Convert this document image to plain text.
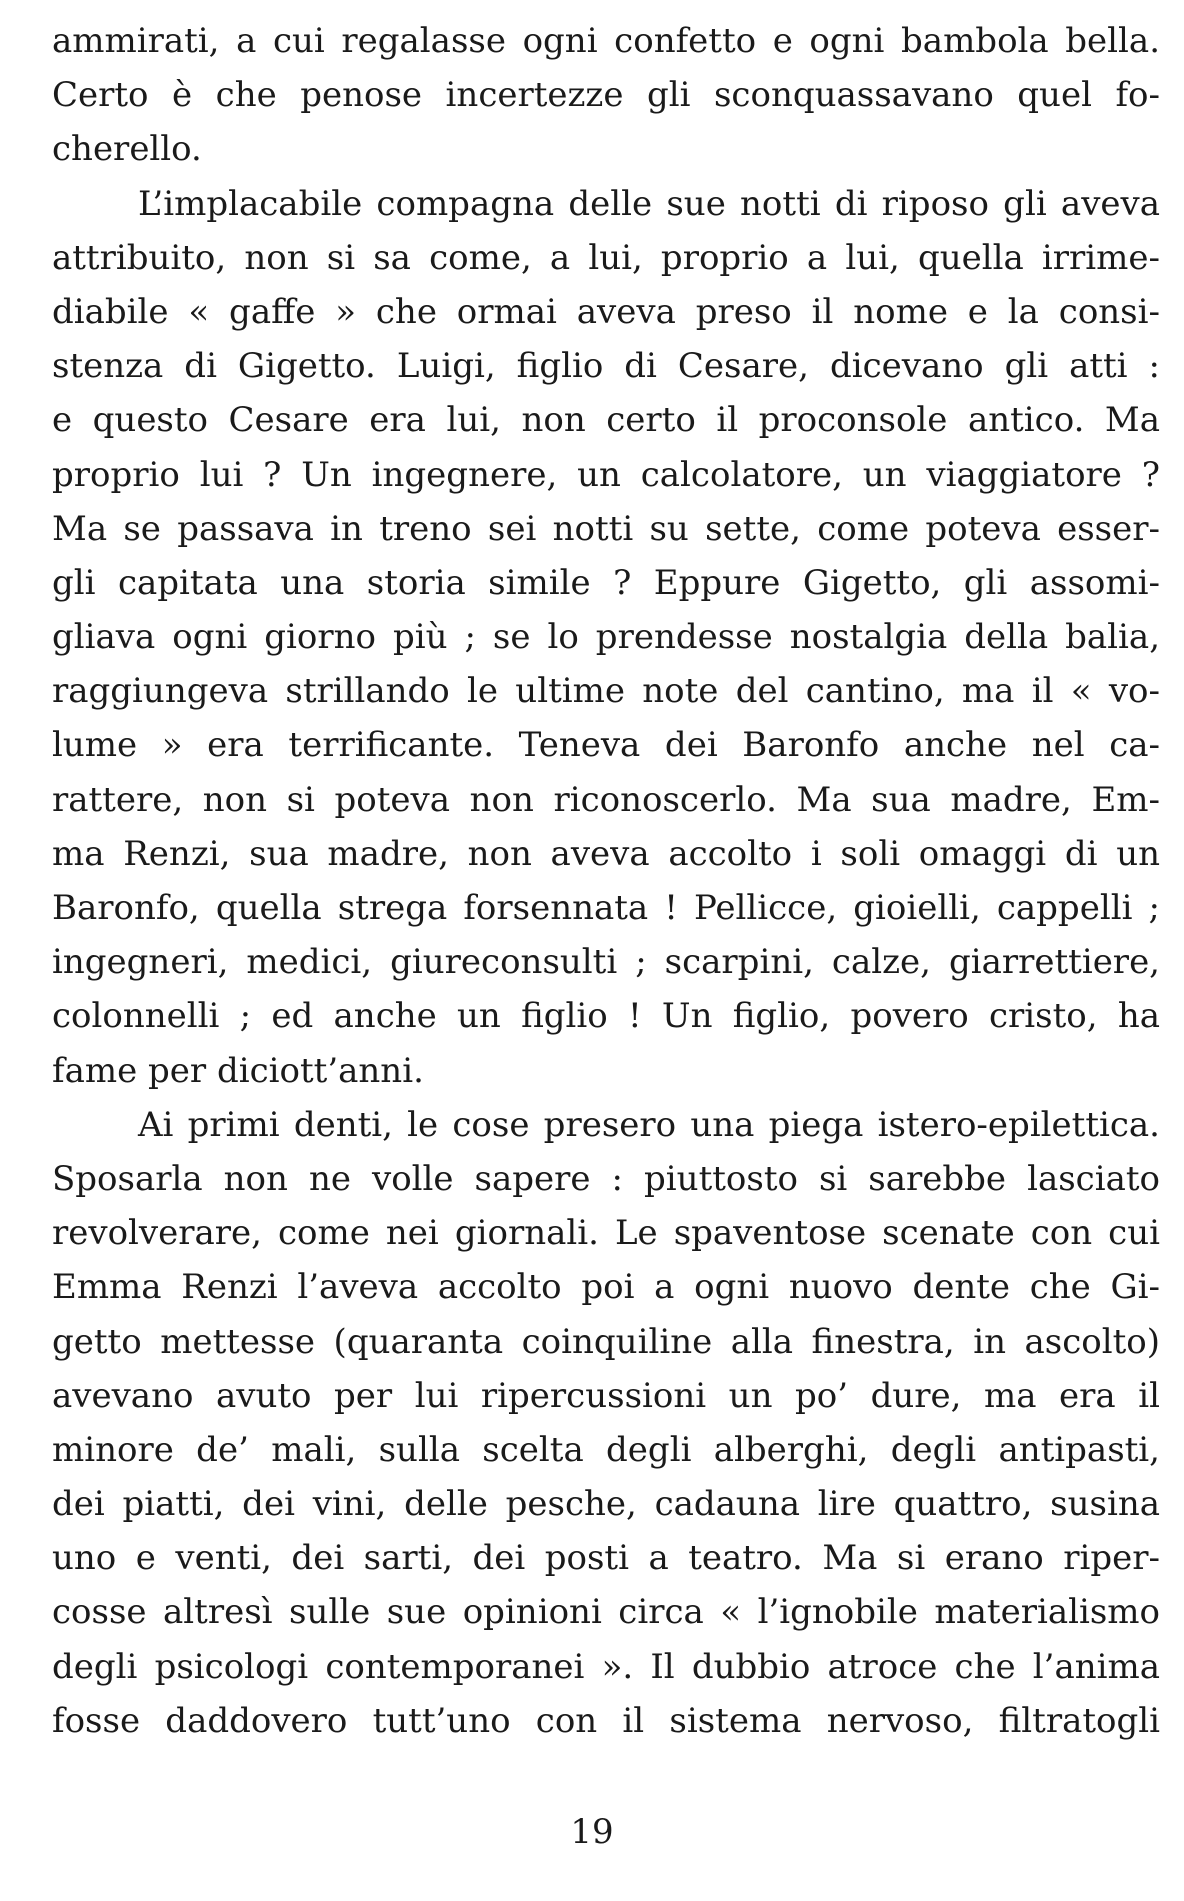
ammirati, a cui regalasse ogni confetto e ogni bambola bella.
Certo è che penose incertezze gli sconquassavano quel fo-
cherello.
L’implacabile compagna delle sue notti di riposo gli aveva
attribuito, non si sa come, a lui, proprio a lui, quella irrime-
diabile « gaffe » che ormai aveva preso il nome e la consi-
stenza di Gigetto. Luigi, figlio di Cesare, dicevano gli atti :
e questo Cesare era lui, non certo il proconsole antico. Ma
proprio lui ? Un ingegnere, un calcolatore, un viaggiatore ?
Ma se passava in treno sei notti su sette, come poteva esser-
gli capitata una storia simile ? Eppure Gigetto, gli assomi-
gliava ogni giorno più ; se lo prendesse nostalgia della balia,
raggiungeva strillando le ultime note del cantino, ma il « vo-
lume » era terrificante. Teneva dei Baronfo anche nel ca-
rattere, non si poteva non riconoscerlo. Ma sua madre, Em-
ma Renzi, sua madre, non aveva accolto i soli omaggi di un
Baronfo, quella strega forsennata ! Pellicce, gioielli, cappelli ;
ingegneri, medici, giureconsulti ; scarpini, calze, giarrettiere,
colonnelli ; ed anche un figlio ! Un figlio, povero cristo, ha
fame per diciott’anni.
Ai primi denti, le cose presero una piega istero-epilettica.
Sposarla non ne volle sapere : piuttosto si sarebbe lasciato
revolverare, come nei giornali. Le spaventose scenate con cui
Emma Renzi l’aveva accolto poi a ogni nuovo dente che Gi-
getto mettesse (quaranta coinquiline alla finestra, in ascolto)
avevano avuto per lui ripercussioni un po’ dure, ma era il
minore de’ mali, sulla scelta degli alberghi, degli antipasti,
dei piatti, dei vini, delle pesche, cadauna lire quattro, susina
uno e venti, dei sarti, dei posti a teatro. Ma si erano riper-
cosse altresì sulle sue opinioni circa « l’ignobile materialismo
degli psicologi contemporanei ». Il dubbio atroce che l’anima
fosse daddovero tutt’uno con il sistema nervoso, filtratogli
19
